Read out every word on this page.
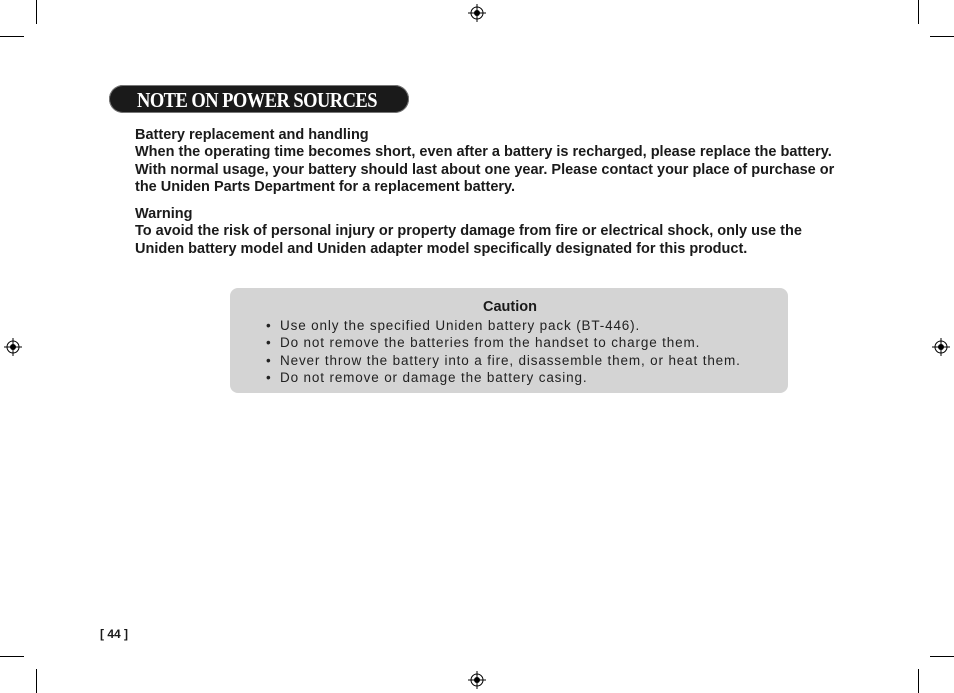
NOTE ON POWER SOURCES

Battery replacement and handling

When the operating time becomes short, even after a battery is recharged, please replace the battery. With normal usage, your battery should last about one year. Please contact your place of purchase or the Uniden Parts Department for a replacement battery.

Warning

To avoid the risk of personal injury or property damage from fire or electrical shock, only use the Uniden battery model and Uniden adapter model specifically designated for this product.

Caution
• Use only the specified Uniden battery pack (BT-446).
• Do not remove the batteries from the handset to charge them.
• Never throw the battery into a fire, disassemble them, or heat them.
• Do not remove or damage the battery casing.
[ 44 ]
